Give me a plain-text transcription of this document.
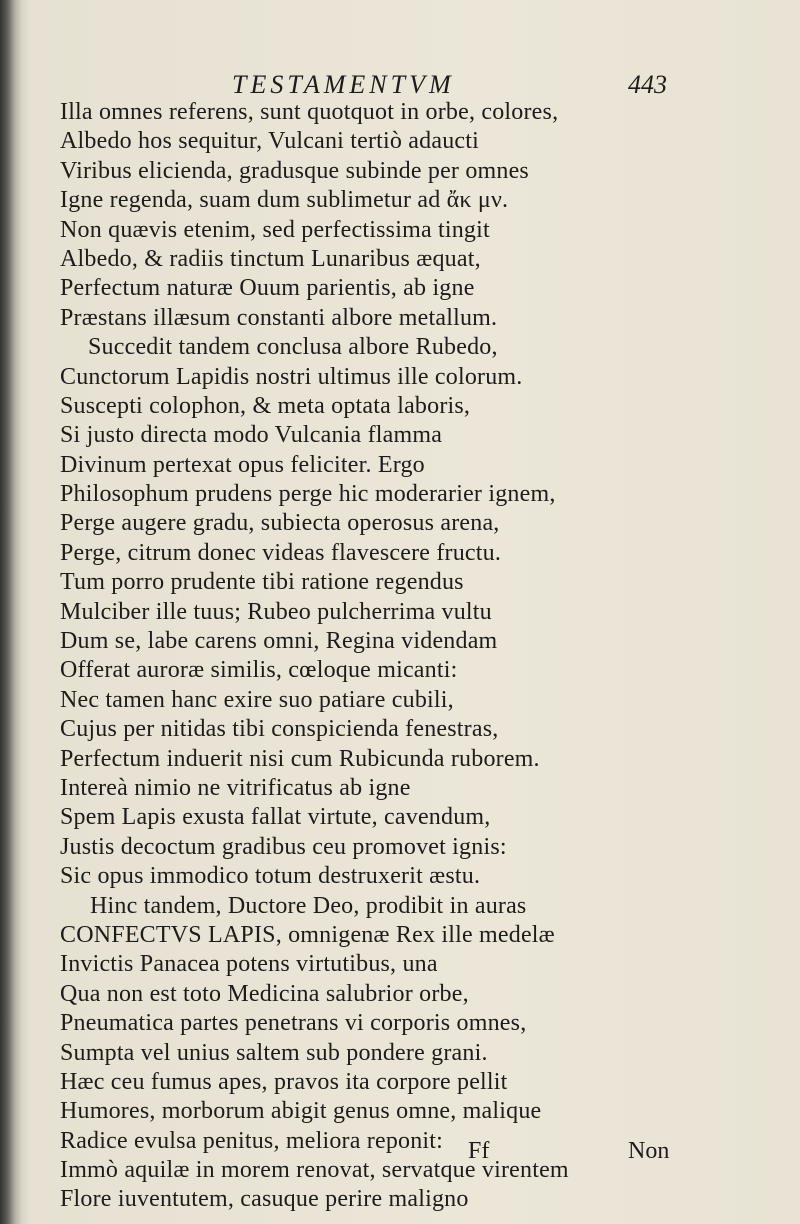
TESTAMENTVM	443
Illa omnes referens, sunt quotquot in orbe, colores,
Albedo hos sequitur, Vulcani tertiò adaucti
Viribus elicienda, gradusque subinde per omnes
Igne regenda, suam dum sublimetur ad ἄκ μν.
Non quævis etenim, sed perfectissima tingit
Albedo, & radiis tinctum Lunaribus æquat,
Perfectum naturæ Ouum parientis, ab igne
Præstans illæsum constanti albore metallum.
Succedit tandem conclusa albore Rubedo,
Cunctorum Lapidis nostri ultimus ille colorum.
Suscepti colophon, & meta optata laboris,
Si justo directa modo Vulcania flamma
Divinum pertexat opus feliciter. Ergo
Philosophum prudens perge hic moderarier ignem,
Perge augere gradu, subiecta operosus arena,
Perge, citrum donec videas flavescere fructu.
Tum porro prudente tibi ratione regendus
Mulciber ille tuus; Rubeo pulcherrima vultu
Dum se, labe carens omni, Regina videndam
Offerat auroræ similis, cœloque micanti:
Nec tamen hanc exire suo patiare cubili,
Cujus per nitidas tibi conspicienda fenestras,
Perfectum induerit nisi cum Rubicunda ruborem.
Intereà nimio ne vitrificatus ab igne
Spem Lapis exusta fallat virtute, cavendum,
Justis decoctum gradibus ceu promovet ignis:
Sic opus immodico totum destruxerit æstu.
Hinc tandem, Ductore Deo, prodibit in auras
CONFECTVS LAPIS, omnigenæ Rex ille medelæ
Invictis Panacea potens virtutibus, una
Qua non est toto Medicina salubrior orbe,
Pneumatica partes penetrans vi corporis omnes,
Sumpta vel unius saltem sub pondere grani.
Hæc ceu fumus apes, pravos ita corpore pellit
Humores, morborum abigit genus omne, malique
Radice evulsa penitus, meliora reponit:
Immò aquilæ in morem renovat, servatque virentem
Flore iuventutem, casuque perire maligno
Ff	Non
